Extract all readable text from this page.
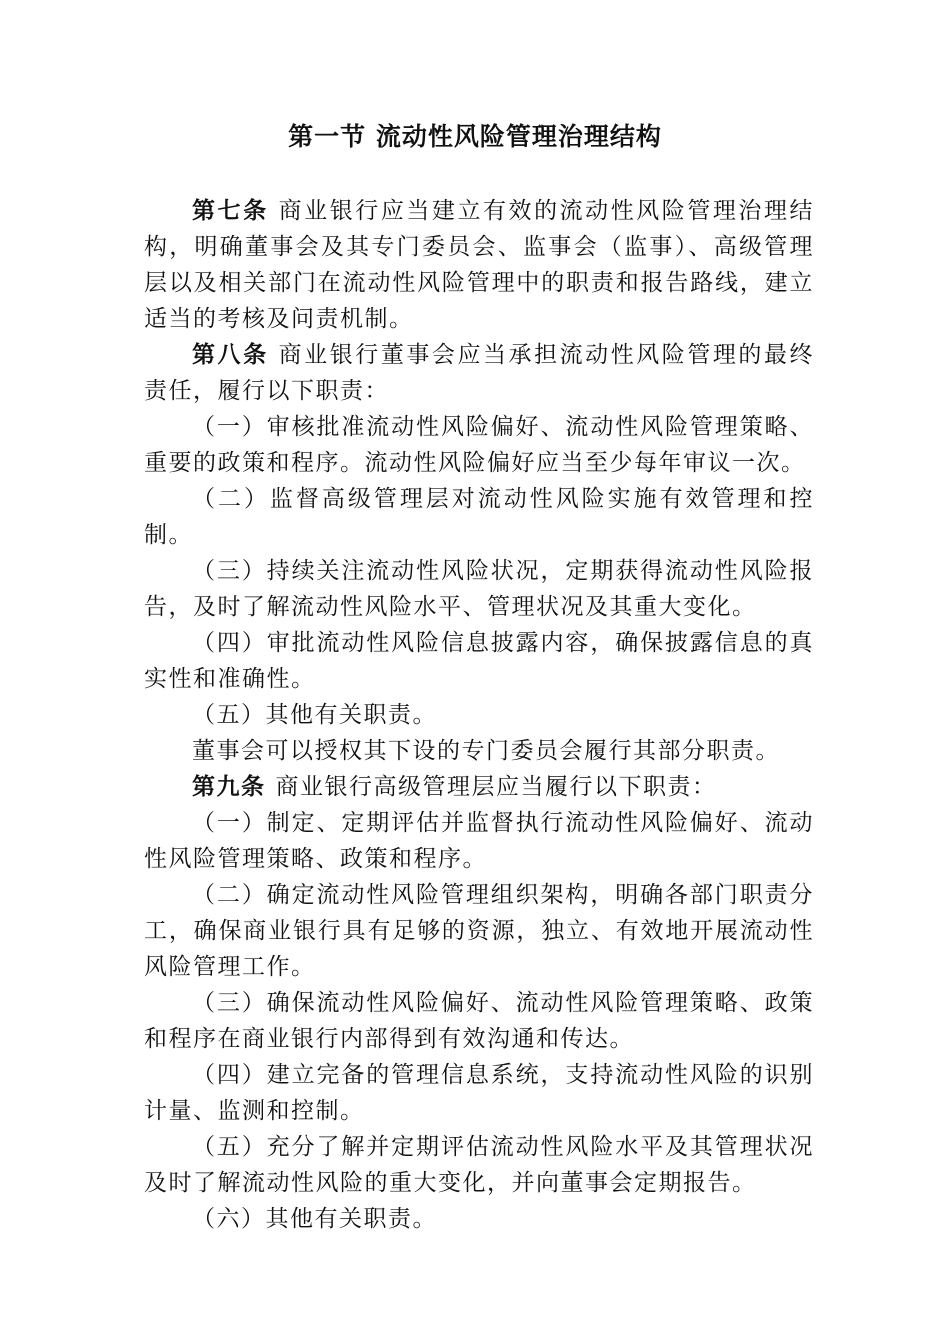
第一节 流动性风险管理治理结构

第七条 商业银行应当建立有效的流动性风险管理治理结构，明确董事会及其专门委员会、监事会（监事）、高级管理层以及相关部门在流动性风险管理中的职责和报告路线，建立适当的考核及问责机制。

第八条 商业银行董事会应当承担流动性风险管理的最终责任，履行以下职责：

（一）审核批准流动性风险偏好、流动性风险管理策略、重要的政策和程序。流动性风险偏好应当至少每年审议一次。

（二）监督高级管理层对流动性风险实施有效管理和控制。

（三）持续关注流动性风险状况，定期获得流动性风险报告，及时了解流动性风险水平、管理状况及其重大变化。

（四）审批流动性风险信息披露内容，确保披露信息的真实性和准确性。

（五）其他有关职责。

董事会可以授权其下设的专门委员会履行其部分职责。

第九条 商业银行高级管理层应当履行以下职责：

（一）制定、定期评估并监督执行流动性风险偏好、流动性风险管理策略、政策和程序。

（二）确定流动性风险管理组织架构，明确各部门职责分工，确保商业银行具有足够的资源，独立、有效地开展流动性风险管理工作。

（三）确保流动性风险偏好、流动性风险管理策略、政策和程序在商业银行内部得到有效沟通和传达。

（四）建立完备的管理信息系统，支持流动性风险的识别计量、监测和控制。

（五）充分了解并定期评估流动性风险水平及其管理状况及时了解流动性风险的重大变化，并向董事会定期报告。

（六）其他有关职责。
